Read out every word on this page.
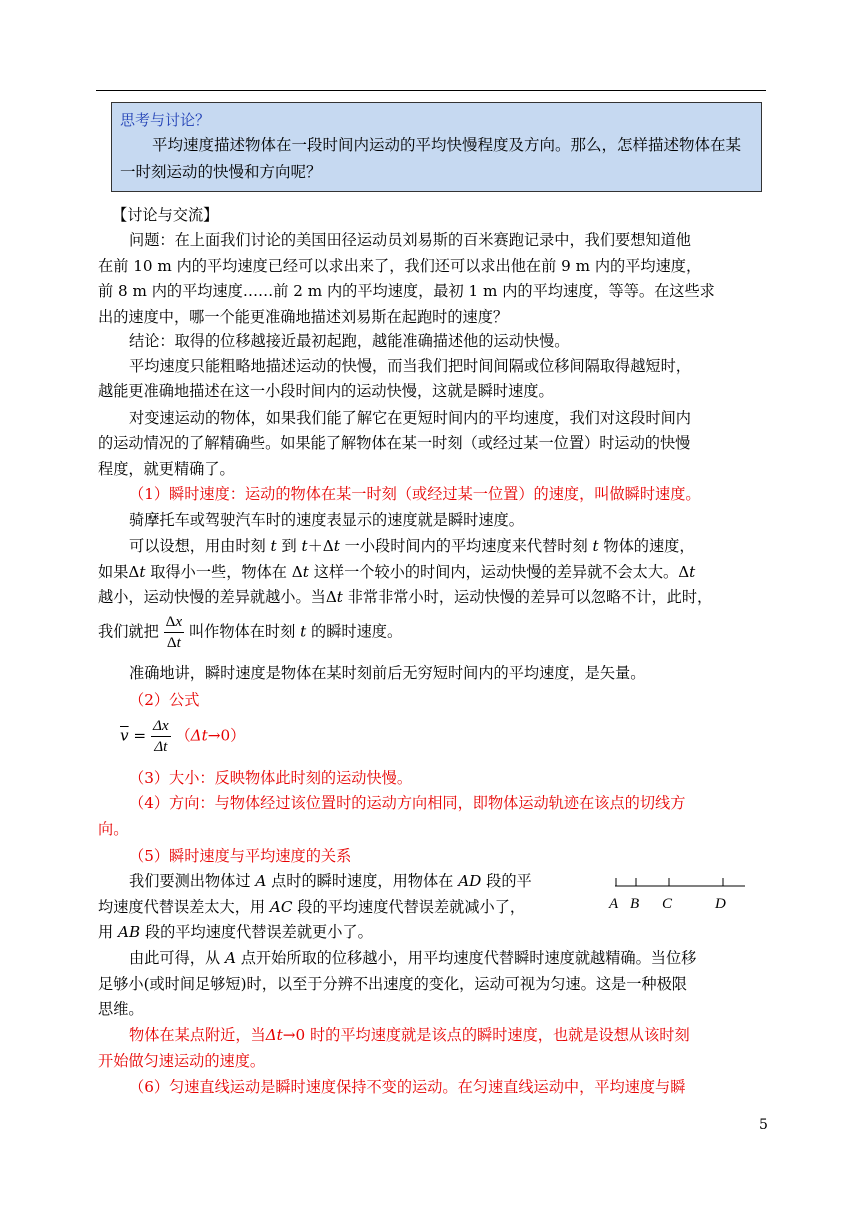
思考与讨论？
平均速度描述物体在一段时间内运动的平均快慢程度及方向。那么，怎样描述物体在某一时刻运动的快慢和方向呢？
【讨论与交流】
问题：在上面我们讨论的美国田径运动员刘易斯的百米赛跑记录中，我们要想知道他
在前 10 m 内的平均速度已经可以求出来了，我们还可以求出他在前 9 m 内的平均速度，
前 8 m 内的平均速度……前 2 m 内的平均速度，最初 1 m 内的平均速度，等等。在这些求
出的速度中，哪一个能更准确地描述刘易斯在起跑时的速度？
结论：取得的位移越接近最初起跑，越能准确描述他的运动快慢。
平均速度只能粗略地描述运动的快慢，而当我们把时间间隔或位移间隔取得越短时，
越能更准确地描述在这一小段时间内的运动快慢，这就是瞬时速度。
对变速运动的物体，如果我们能了解它在更短时间内的平均速度，我们对这段时间内
的运动情况的了解精确些。如果能了解物体在某一时刻（或经过某一位置）时运动的快慢
程度，就更精确了。
（1）瞬时速度：运动的物体在某一时刻（或经过某一位置）的速度，叫做瞬时速度。
骑摩托车或驾驶汽车时的速度表显示的速度就是瞬时速度。
可以设想，用由时刻 t 到 t＋Δt 一小段时间内的平均速度来代替时刻 t 物体的速度，
如果Δt 取得小一些，物体在 Δt 这样一个较小的时间内，运动快慢的差异就不会太大。Δt
越小，运动快慢的差异就越小。当Δt 非常非常小时，运动快慢的差异可以忽略不计，此时，
我们就把 $\frac{\Delta x}{\Delta t}$ 叫作物体在时刻 t 的瞬时速度。
准确地讲，瞬时速度是物体在某时刻前后无穷短时间内的平均速度，是矢量。
（2）公式
$\overline{v} = \frac{\Delta x}{\Delta t} (\Delta t\to 0)$
（3）大小：反映物体此时刻的运动快慢。
（4）方向：与物体经过该位置时的运动方向相同，即物体运动轨迹在该点的切线方
向。
（5）瞬时速度与平均速度的关系
我们要测出物体过 A 点时的瞬时速度，用物体在 AD 段的平
均速度代替误差太大，用 AC 段的平均速度代替误差就减小了，
用 AB 段的平均速度代替误差就更小了。
A B C	D
由此可得，从 A 点开始所取的位移越小，用平均速度代替瞬时速度就越精确。当位移
足够小(或时间足够短)时，以至于分辨不出速度的变化，运动可视为匀速。这是一种极限
思维。
物体在某点附近，当Δt→0 时的平均速度就是该点的瞬时速度，也就是设想从该时刻
开始做匀速运动的速度。
（6）匀速直线运动是瞬时速度保持不变的运动。在匀速直线运动中，平均速度与瞬
5
